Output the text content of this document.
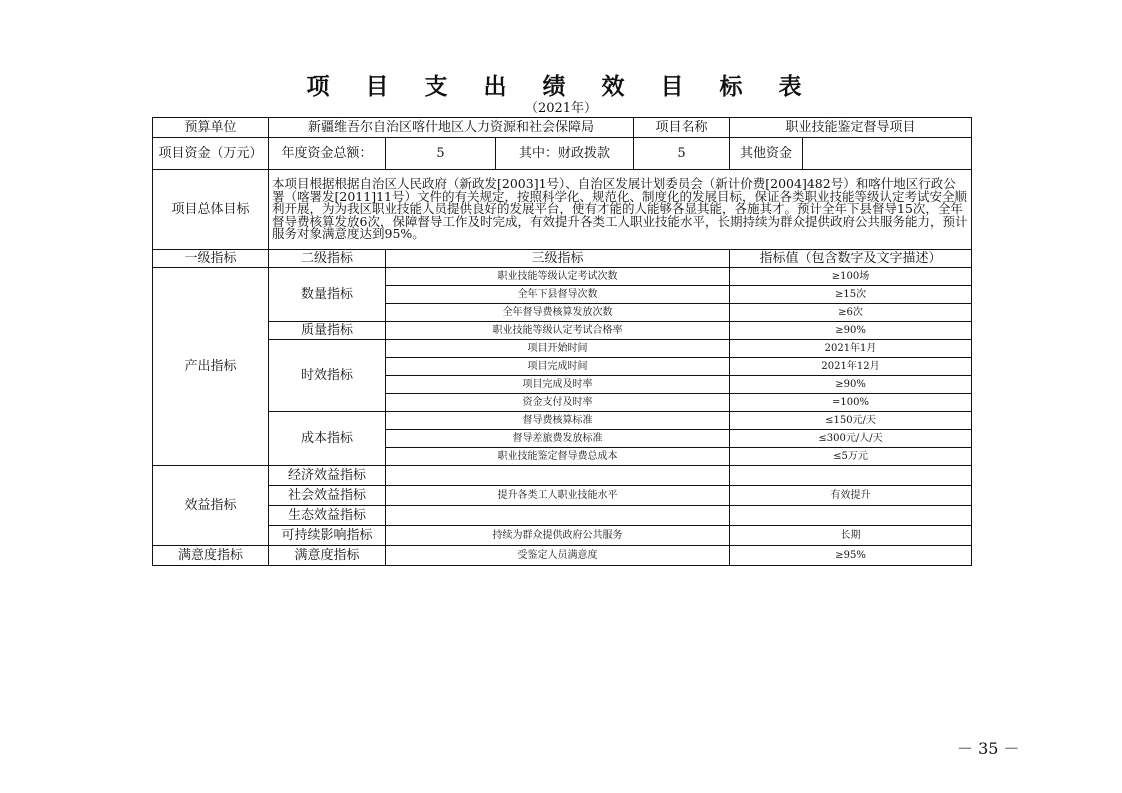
项 目 支 出 绩 效 目 标 表
（2021年）
预算单位	新疆维吾尔自治区喀什地区人力资源和社会保障局			项目名称	职业技能鉴定督导项目	
项目资金（万元）	年度资金总额：	5	其中：财政拨款	5	其他资金	
项目总体目标	本项目根据根据自治区人民政府（新政发[2003]1号）、自治区发展计划委员会（新计价费[2004]482号）和喀什地区行政公署（喀署发[2011]11号）文件的有关规定，按照科学化、规范化、制度化的发展目标，保证各类职业技能等级认定考试安全顺利开展，为为我区职业技能人员提供良好的发展平台，使有才能的人能够各显其能，各施其才。预计全年下县督导15次，全年督导费核算发放6次，保障督导工作及时完成，有效提升各类工人职业技能水平，长期持续为群众提供政府公共服务能力，预计服务对象满意度达到95%。					
一级指标	二级指标	三级指标			指标值（包含数字及文字描述）	
产出指标	数量指标	职业技能等级认定考试次数			≥100场	
		全年下县督导次数			≥15次	
		全年督导费核算发放次数			≥6次	
	质量指标	职业技能等级认定考试合格率			≥90%	
	时效指标	项目开始时间			2021年1月	
		项目完成时间			2021年12月	
		项目完成及时率			≥90%	
		资金支付及时率			=100%	
	成本指标	督导费核算标准			≤150元/天	
		督导差旅费发放标准			≤300元/人/天	
		职业技能鉴定督导费总成本			≤5万元	
效益指标	经济效益指标					
	社会效益指标	提升各类工人职业技能水平			有效提升	
	生态效益指标					
	可持续影响指标	持续为群众提供政府公共服务			长期	
满意度指标	满意度指标	受鉴定人员满意度			≥95%	
－ 35 －
